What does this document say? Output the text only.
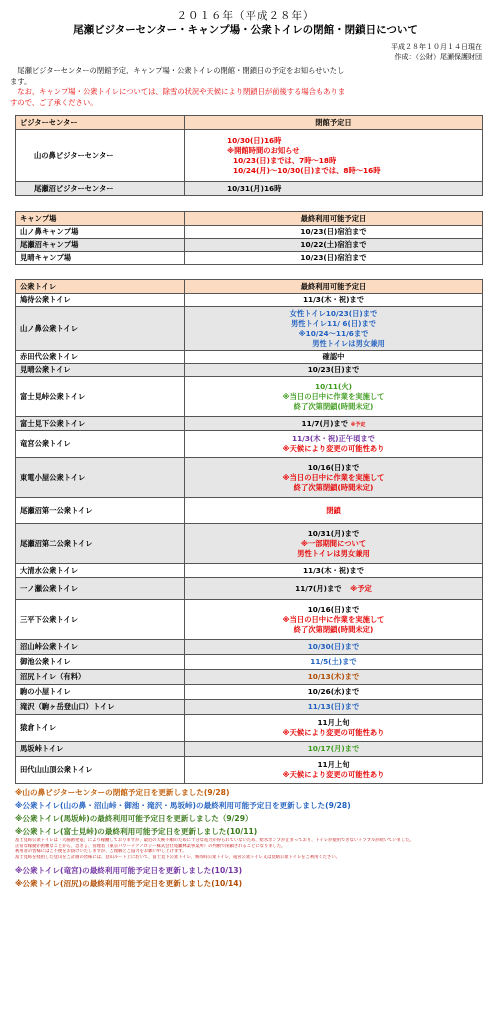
２０１６年（平成２８年）
尾瀬ビジターセンター・キャンプ場・公衆トイレの閉館・閉鎖日について
平成２８年１０月１４日現在
作成：（公財）尾瀬保護財団

　尾瀬ビジターセンターの閉館予定、キャンプ場・公衆トイレの閉館・閉鎖日の予定をお知らせいたし

ます。

　なお、キャンプ場・公衆トイレについては、除雪の状況や天候により閉鎖日が前後する場合もありま

すので、ご了承ください。

ビジターセンター	閉館予定日
山の鼻ビジターセンター	10/30(日)16時
※開館時間のお知らせ
10/23(日)までは、7時〜18時
10/24(月)〜10/30(日)までは、8時〜16時

尾瀬沼ビジターセンター	10/31(月)16時
キャンプ場	最終利用可能予定日
山ノ鼻キャンプ場	10/23(日)宿泊まで
尾瀬沼キャンプ場	10/22(土)宿泊まで
見晴キャンプ場	10/23(日)宿泊まで
公衆トイレ	最終利用可能予定日
鳩待公衆トイレ	11/3(木・祝)まで
山ノ鼻公衆トイレ	女性トイレ10/23(日)まで
男性トイレ11/ 6(日)まで
※10/24〜11/6まで
男性トイレは男女兼用

赤田代公衆トイレ	確認中
見晴公衆トイレ	10/23(日)まで
富士見峠公衆トイレ	10/11(火)
※当日の日中に作業を実施して
終了次第閉鎖(時間未定)

富士見下公衆トイレ	11/7(月)まで ※予定
竜宮公衆トイレ	11/3(木・祝)正午頃まで
※天候により変更の可能性あり

東電小屋公衆トイレ	10/16(日)まで
※当日の日中に作業を実施して
終了次第閉鎖(時間未定)

尾瀬沼第一公衆トイレ	閉鎖
尾瀬沼第二公衆トイレ	10/31(月)まで
※一部期間について
男性トイレは男女兼用

大清水公衆トイレ	11/3(木・祝)まで
一ノ瀬公衆トイレ	11/7(月)まで ※予定
三平下公衆トイレ	10/16(日)まで
※当日の日中に作業を実施して
終了次第閉鎖(時間未定)

沼山峠公衆トイレ	10/30(日)まで
御池公衆トイレ	11/5(土)まで
沼尻トイレ（有料）	10/13(木)まで
駒の小屋トイレ	10/26(水)まで
滝沢（駒ヶ岳登山口）トイレ	11/13(日)まで
猿倉トイレ	11月上旬
※天候により変更の可能性あり

馬坂峠トイレ	10/17(月)まで
田代山山頂公衆トイレ	11月上旬
※天候により変更の可能性あり
※山の鼻ビジターセンターの閉館予定日を更新しました(9/28)
※公衆トイレ(山の鼻・沼山峠・御池・滝沢・馬坂峠)の最終利用可能予定日を更新しました(9/28)
※公衆トイレ(馬坂峠)の最終利用可能予定日を更新しました（9/29）
※公衆トイレ(富士見峠)の最終利用可能予定日を更新しました(10/11)
富士見峠公衆トイレは「大腸菌発電」により稼働しておりますが、最近の天候不順のために十分な電力が得られていないため、給水ポンプが止まっており、トイレが使用できないトラブルが続いていました。
正常な稼動が困難なことから、急きょ、管理者（東京パワーテクノロジー株式会社尾瀬林業事業所）の判断で閉鎖されることになりました。
利用者の皆様にはご不便をお掛けいたしますが、ご理解とご協力をお願い申し上げます。
富士見峠を経由した登山をご計画の皆様には、登山ルート上に於いて、富士見下公衆トイレ、鳩待峠公衆トイレ、竜宮公衆トイレ又は見晴公衆トイレをご利用ください。
※公衆トイレ(竜宮)の最終利用可能予定日を更新しました(10/13)
※公衆トイレ(沼尻)の最終利用可能予定日を更新しました(10/14)
